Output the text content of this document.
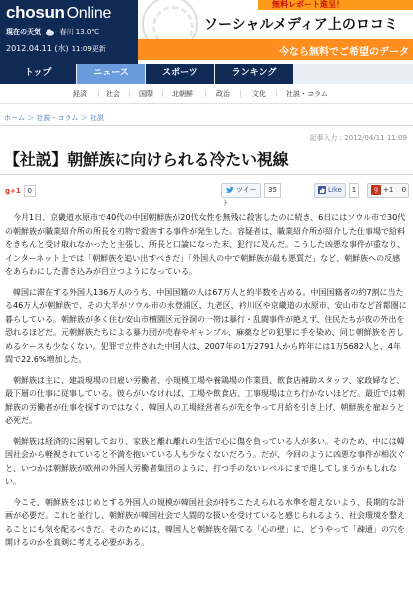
chosun Online
現在の天気	春川 13.0℃
2012.04.11 (水) 11:09更新
無料レポート進呈！
ソーシャルメディア上のロコミ
今なら無料でご希望のデータ
トップ	ニュース	スポーツ	ランキング
経済	社会	国際	北朝鮮	政治	文化	社説・コラム
ホーム ＞ 社説・コラム ＞ 社説
記事入力 : 2012/04/11 11:09
【社説】朝鮮族に向けられる冷たい視線
g+1 0	ツイート
35	Like	1	g +1 0

今月1日、京畿道水原市で40代の中国朝鮮族が20代女性を無残に殺害したのに続き、6日にはソウル市で30代の朝鮮族が職業紹介所の所長を刃物で殺害する事件が発生した。容疑者は、職業紹介所が紹介した仕事場で給料をきちんと受け取れなかったと主張し、所長と口論になった末、犯行に及んだ。こうした凶悪な事件が重なり、インターネット上では「朝鮮族を追い出すべきだ」「外国人の中で朝鮮族が最も悪質だ」など、朝鮮族への反感をあらわにした書き込みが目立つようになっている。

韓国に滞在する外国人136万人のうち、中国国籍の人は67万人と約半数を占める。中国国籍者の約7割に当たる46万人が朝鮮族で、その大半がソウル市の永登浦区、九老区、衿川区や京畿道の水原市、安山市など首都圏に暮らしている。朝鮮族が多く住む安山市檀園区元谷洞の一帯は暴行・乱闘事件が絶えず、住民たちが夜の外出を恐れるほどだ。元朝鮮族たちによる暴力団が売春やギャンブル、麻薬などの犯罪に手を染め、同じ朝鮮族を苦しめるケースも少なくない。犯罪で立件された中国人は、2007年の1万2791人から昨年には1万5682人と、4年間で22.6%増加した。

朝鮮族は主に、建設現場の日雇い労働者、小規模工場や養鶏場の作業員、飲食店補助スタッフ、家政婦など、最下層の仕事に従事している。彼らがいなければ、工場や飲食店、工事現場は立ち行かないほどだ。最近では朝鮮族の労働者が仕事を探すのではなく、韓国人の工場経営者らが先を争って月給を引き上げ、朝鮮族を雇おうと必死だ。

朝鮮族は経済的に困窮しており、家族と離れ離れの生活で心に傷を負っている人が多い。そのため、中には韓国社会から軽視されていると不満を抱いている人も少なくないだろう。だが、今回のように凶悪な事件が相次ぐと、いつかは朝鮮族が欧州の外国人労働者集団のように、打つ手のないレベルにまで進してしまうかもしれない。

今こそ、朝鮮族をはじめとする外国人の規模が韓国社会が持ちこたえられる水準を超えないよう、長期的な計画が必要だ。これと並行し、朝鮮族が韓国社会で人間的な扱いを受けていると感じられるよう、社会環境を整えることにも気を配るべきだ。そのためには、韓国人と朝鮮族を隔てる「心の壁」に、どうやって「疎通」の穴を開けるのかを真剣に考える必要がある。
